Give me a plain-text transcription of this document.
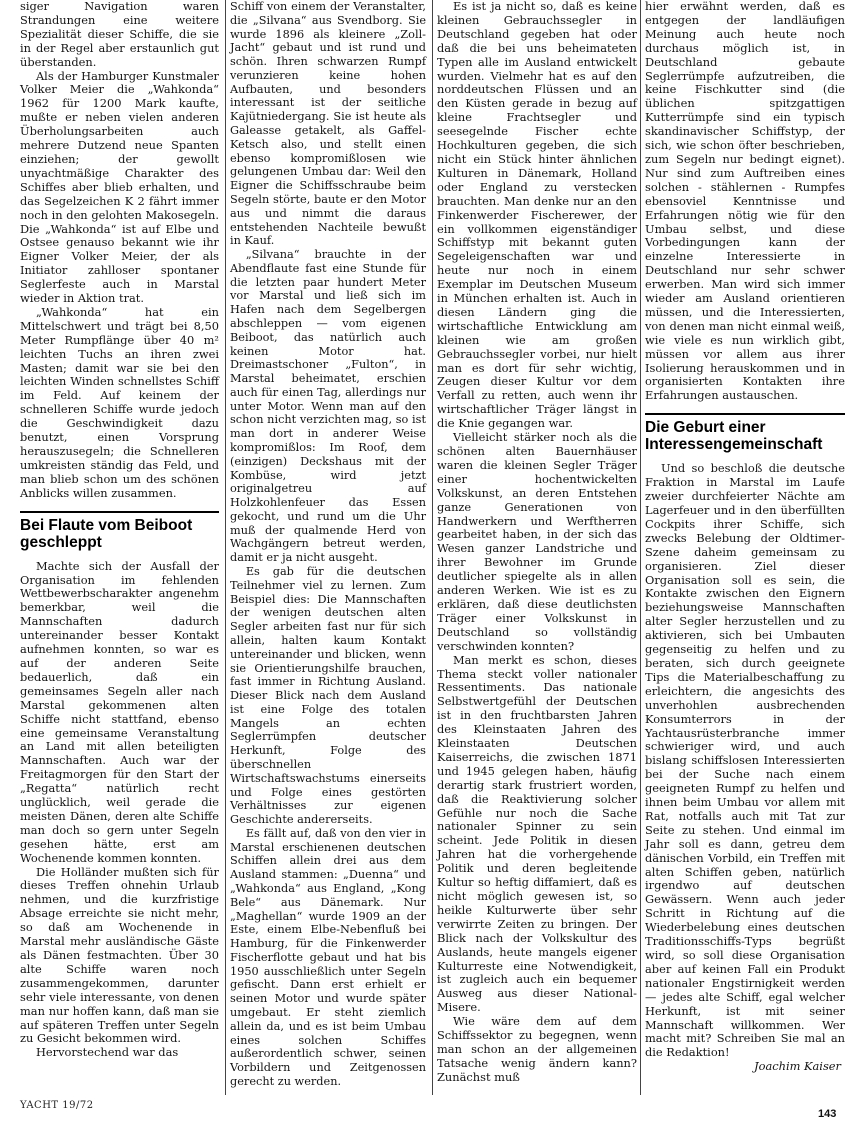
siger Navigation waren Strandungen eine weitere Spezialität dieser Schiffe, die sie in der Regel aber erstaunlich gut überstanden.

Als der Hamburger Kunstmaler Volker Meier die „Wahkonda“ 1962 für 1200 Mark kaufte, mußte er neben vielen anderen Überholungsarbeiten auch mehrere Dutzend neue Spanten einziehen; der gewollt unyachtmäßige Charakter des Schiffes aber blieb erhalten, und das Segelzeichen K 2 fährt immer noch in den gelohten Makosegeln. Die „Wahkonda“ ist auf Elbe und Ostsee genauso bekannt wie ihr Eigner Volker Meier, der als Initiator zahlloser spontaner Seglerfeste auch in Marstal wieder in Aktion trat.

„Wahkonda“ hat ein Mittelschwert und trägt bei 8,50 Meter Rumpflänge über 40 m² leichten Tuchs an ihren zwei Masten; damit war sie bei den leichten Winden schnellstes Schiff im Feld. Auf keinem der schnelleren Schiffe wurde jedoch die Geschwindigkeit dazu benutzt, einen Vorsprung herauszusegeln; die Schnelleren umkreisten ständig das Feld, und man blieb schon um des schönen Anblicks willen zusammen.

Bei Flaute vom Beiboot geschleppt

Machte sich der Ausfall der Organisation im fehlenden Wettbewerbscharakter angenehm bemerkbar, weil die Mannschaften dadurch untereinander besser Kontakt aufnehmen konnten, so war es auf der anderen Seite bedauerlich, daß ein gemeinsames Segeln aller nach Marstal gekommenen alten Schiffe nicht stattfand, ebenso eine gemeinsame Veranstaltung an Land mit allen beteiligten Mannschaften. Auch war der Freitagmorgen für den Start der „Regatta“ natürlich recht unglücklich, weil gerade die meisten Dänen, deren alte Schiffe man doch so gern unter Segeln gesehen hätte, erst am Wochenende kommen konnten.

Die Holländer mußten sich für dieses Treffen ohnehin Urlaub nehmen, und die kurzfristige Absage erreichte sie nicht mehr, so daß am Wochenende in Marstal mehr ausländische Gäste als Dänen festmachten. Über 30 alte Schiffe waren noch zusammengekommen, darunter sehr viele interessante, von denen man nur hoffen kann, daß man sie auf späteren Treffen unter Segeln zu Gesicht bekommen wird.

Hervorstechend war das

Schiff von einem der Veranstalter, die „Silvana“ aus Svendborg. Sie wurde 1896 als kleinere „Zoll-Jacht“ gebaut und ist rund und schön. Ihren schwarzen Rumpf verunzieren keine hohen Aufbauten, und besonders interessant ist der seitliche Kajütniedergang. Sie ist heute als Galeasse getakelt, als Gaffel-Ketsch also, und stellt einen ebenso kompromißlosen wie gelungenen Umbau dar: Weil den Eigner die Schiffsschraube beim Segeln störte, baute er den Motor aus und nimmt die daraus entstehenden Nachteile bewußt in Kauf.

„Silvana“ brauchte in der Abendflaute fast eine Stunde für die letzten paar hundert Meter vor Marstal und ließ sich im Hafen nach dem Segelbergen abschleppen — vom eigenen Beiboot, das natürlich auch keinen Motor hat. Dreimastschoner „Fulton“, in Marstal beheimatet, erschien auch für einen Tag, allerdings nur unter Motor. Wenn man auf den schon nicht verzichten mag, so ist man dort in anderer Weise kompromißlos: Im Roof, dem (einzigen) Deckshaus mit der Kombüse, wird jetzt originalgetreu auf Holzkohlenfeuer das Essen gekocht, und rund um die Uhr muß der qualmende Herd von Wachgängern betreut werden, damit er ja nicht ausgeht.

Es gab für die deutschen Teilnehmer viel zu lernen. Zum Beispiel dies: Die Mannschaften der wenigen deutschen alten Segler arbeiten fast nur für sich allein, halten kaum Kontakt untereinander und blicken, wenn sie Orientierungshilfe brauchen, fast immer in Richtung Ausland. Dieser Blick nach dem Ausland ist eine Folge des totalen Mangels an echten Seglerrümpfen deutscher Herkunft, Folge des überschnellen Wirtschaftswachstums einerseits und Folge eines gestörten Verhältnisses zur eigenen Geschichte andererseits.

Es fällt auf, daß von den vier in Marstal erschienenen deutschen Schiffen allein drei aus dem Ausland stammen: „Duenna“ und „Wahkonda“ aus England, „Kong Bele“ aus Dänemark. Nur „Maghellan“ wurde 1909 an der Este, einem Elbe-Nebenfluß bei Hamburg, für die Finkenwerder Fischerflotte gebaut und hat bis 1950 ausschließlich unter Segeln gefischt. Dann erst erhielt er seinen Motor und wurde später umgebaut. Er steht ziemlich allein da, und es ist beim Umbau eines solchen Schiffes außerordentlich schwer, seinen Vorbildern und Zeitgenossen gerecht zu werden.

Es ist ja nicht so, daß es keine kleinen Gebrauchssegler in Deutschland gegeben hat oder daß die bei uns beheimateten Typen alle im Ausland entwickelt wurden. Vielmehr hat es auf den norddeutschen Flüssen und an den Küsten gerade in bezug auf kleine Frachtsegler und seesegelnde Fischer echte Hochkulturen gegeben, die sich nicht ein Stück hinter ähnlichen Kulturen in Dänemark, Holland oder England zu verstecken brauchten. Man denke nur an den Finkenwerder Fischerewer, der ein vollkommen eigenständiger Schiffstyp mit bekannt guten Segeleigenschaften war und heute nur noch in einem Exemplar im Deutschen Museum in München erhalten ist. Auch in diesen Ländern ging die wirtschaftliche Entwicklung am kleinen wie am großen Gebrauchssegler vorbei, nur hielt man es dort für sehr wichtig, Zeugen dieser Kultur vor dem Verfall zu retten, auch wenn ihr wirtschaftlicher Träger längst in die Knie gegangen war.

Vielleicht stärker noch als die schönen alten Bauernhäuser waren die kleinen Segler Träger einer hochentwickelten Volkskunst, an deren Entstehen ganze Generationen von Handwerkern und Werftherren gearbeitet haben, in der sich das Wesen ganzer Landstriche und ihrer Bewohner im Grunde deutlicher spiegelte als in allen anderen Werken. Wie ist es zu erklären, daß diese deutlichsten Träger einer Volkskunst in Deutschland so vollständig verschwinden konnten?

Man merkt es schon, dieses Thema steckt voller nationaler Ressentiments. Das nationale Selbstwertgefühl der Deutschen ist in den fruchtbarsten Jahren des Kleinstaaten Jahren des Kleinstaaten Deutschen Kaiserreichs, die zwischen 1871 und 1945 gelegen haben, häufig derartig stark frustriert worden, daß die Reaktivierung solcher Gefühle nur noch die Sache nationaler Spinner zu sein scheint. Jede Politik in diesen Jahren hat die vorhergehende Politik und deren begleitende Kultur so heftig diffamiert, daß es nicht möglich gewesen ist, so heikle Kulturwerte über sehr verwirrte Zeiten zu bringen. Der Blick nach der Volkskultur des Auslands, heute mangels eigener Kulturreste eine Notwendigkeit, ist zugleich auch ein bequemer Ausweg aus dieser National-Misere.

Wie wäre dem auf dem Schiffssektor zu begegnen, wenn man schon an der allgemeinen Tatsache wenig ändern kann? Zunächst muß

hier erwähnt werden, daß es entgegen der landläufigen Meinung auch heute noch durchaus möglich ist, in Deutschland gebaute Seglerrümpfe aufzutreiben, die keine Fischkutter sind (die üblichen spitzgattigen Kutterrümpfe sind ein typisch skandinavischer Schiffstyp, der sich, wie schon öfter beschrieben, zum Segeln nur bedingt eignet). Nur sind zum Auftreiben eines solchen - stählernen - Rumpfes ebensoviel Kenntnisse und Erfahrungen nötig wie für den Umbau selbst, und diese Vorbedingungen kann der einzelne Interessierte in Deutschland nur sehr schwer erwerben. Man wird sich immer wieder am Ausland orientieren müssen, und die Interessierten, von denen man nicht einmal weiß, wie viele es nun wirklich gibt, müssen vor allem aus ihrer Isolierung herauskommen und in organisierten Kontakten ihre Erfahrungen austauschen.

Die Geburt einer Interessengemeinschaft

Und so beschloß die deutsche Fraktion in Marstal im Laufe zweier durchfeierter Nächte am Lagerfeuer und in den überfüllten Cockpits ihrer Schiffe, sich zwecks Belebung der Oldtimer-Szene daheim gemeinsam zu organisieren. Ziel dieser Organisation soll es sein, die Kontakte zwischen den Eignern beziehungsweise Mannschaften alter Segler herzustellen und zu aktivieren, sich bei Umbauten gegenseitig zu helfen und zu beraten, sich durch geeignete Tips die Materialbeschaffung zu erleichtern, die angesichts des unverhohlen ausbrechenden Konsumterrors in der Yachtausrüsterbranche immer schwieriger wird, und auch bislang schiffslosen Interessierten bei der Suche nach einem geeigneten Rumpf zu helfen und ihnen beim Umbau vor allem mit Rat, notfalls auch mit Tat zur Seite zu stehen. Und einmal im Jahr soll es dann, getreu dem dänischen Vorbild, ein Treffen mit alten Schiffen geben, natürlich irgendwo auf deutschen Gewässern. Wenn auch jeder Schritt in Richtung auf die Wiederbelebung eines deutschen Traditionsschiffs-Typs begrüßt wird, so soll diese Organisation aber auf keinen Fall ein Produkt nationaler Engstirnigkeit werden — jedes alte Schiff, egal welcher Herkunft, ist mit seiner Mannschaft willkommen. Wer macht mit? Schreiben Sie mal an die Redaktion!

Joachim Kaiser

YACHT 19/72
143
